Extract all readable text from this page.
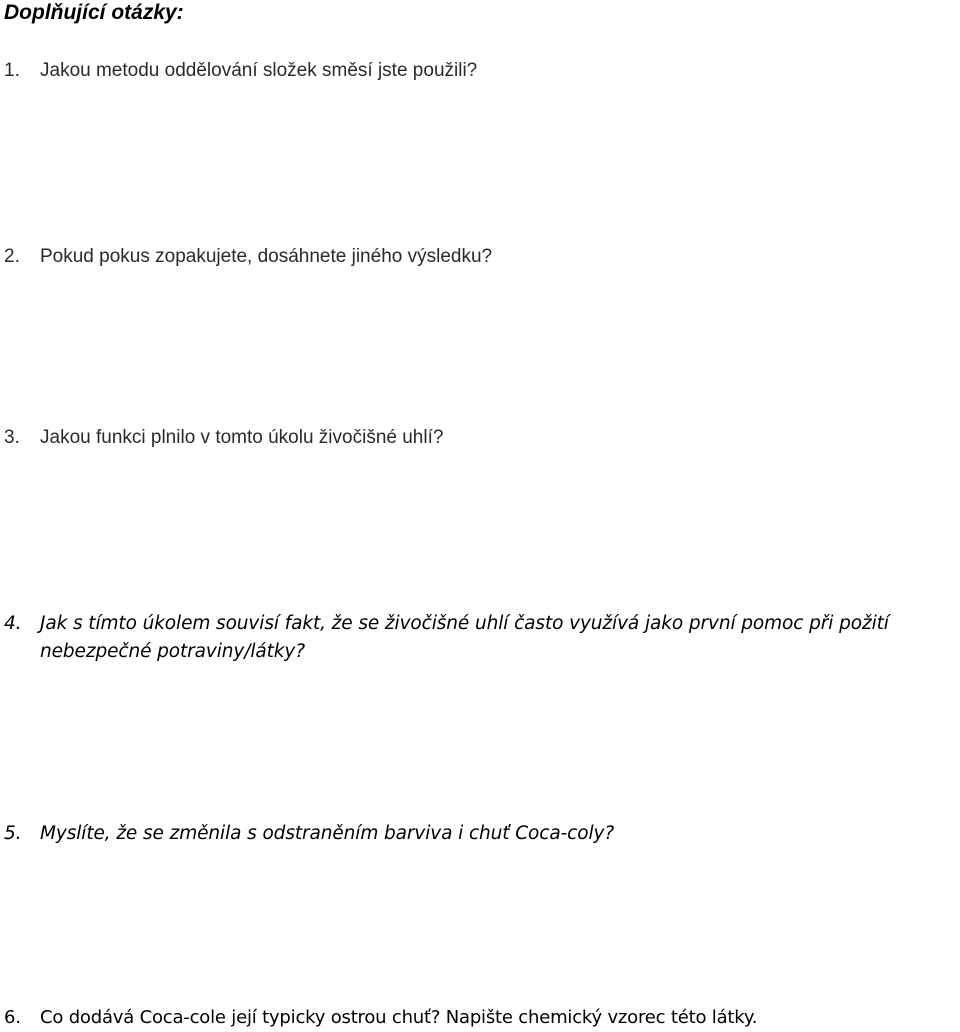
Doplňující otázky:
1. Jakou metodu oddělování složek směsí jste použili?
2. Pokud pokus zopakujete, dosáhnete jiného výsledku?
3. Jakou funkci plnilo v tomto úkolu živočišné uhlí?
4. Jak s tímto úkolem souvisí fakt, že se živočišné uhlí často využívá jako první pomoc při požití nebezpečné potraviny/látky?
5. Myslíte, že se změnila s odstraněním barviva i chuť Coca-coly?
6. Co dodává Coca-cole její typicky ostrou chuť? Napište chemický vzorec této látky.
